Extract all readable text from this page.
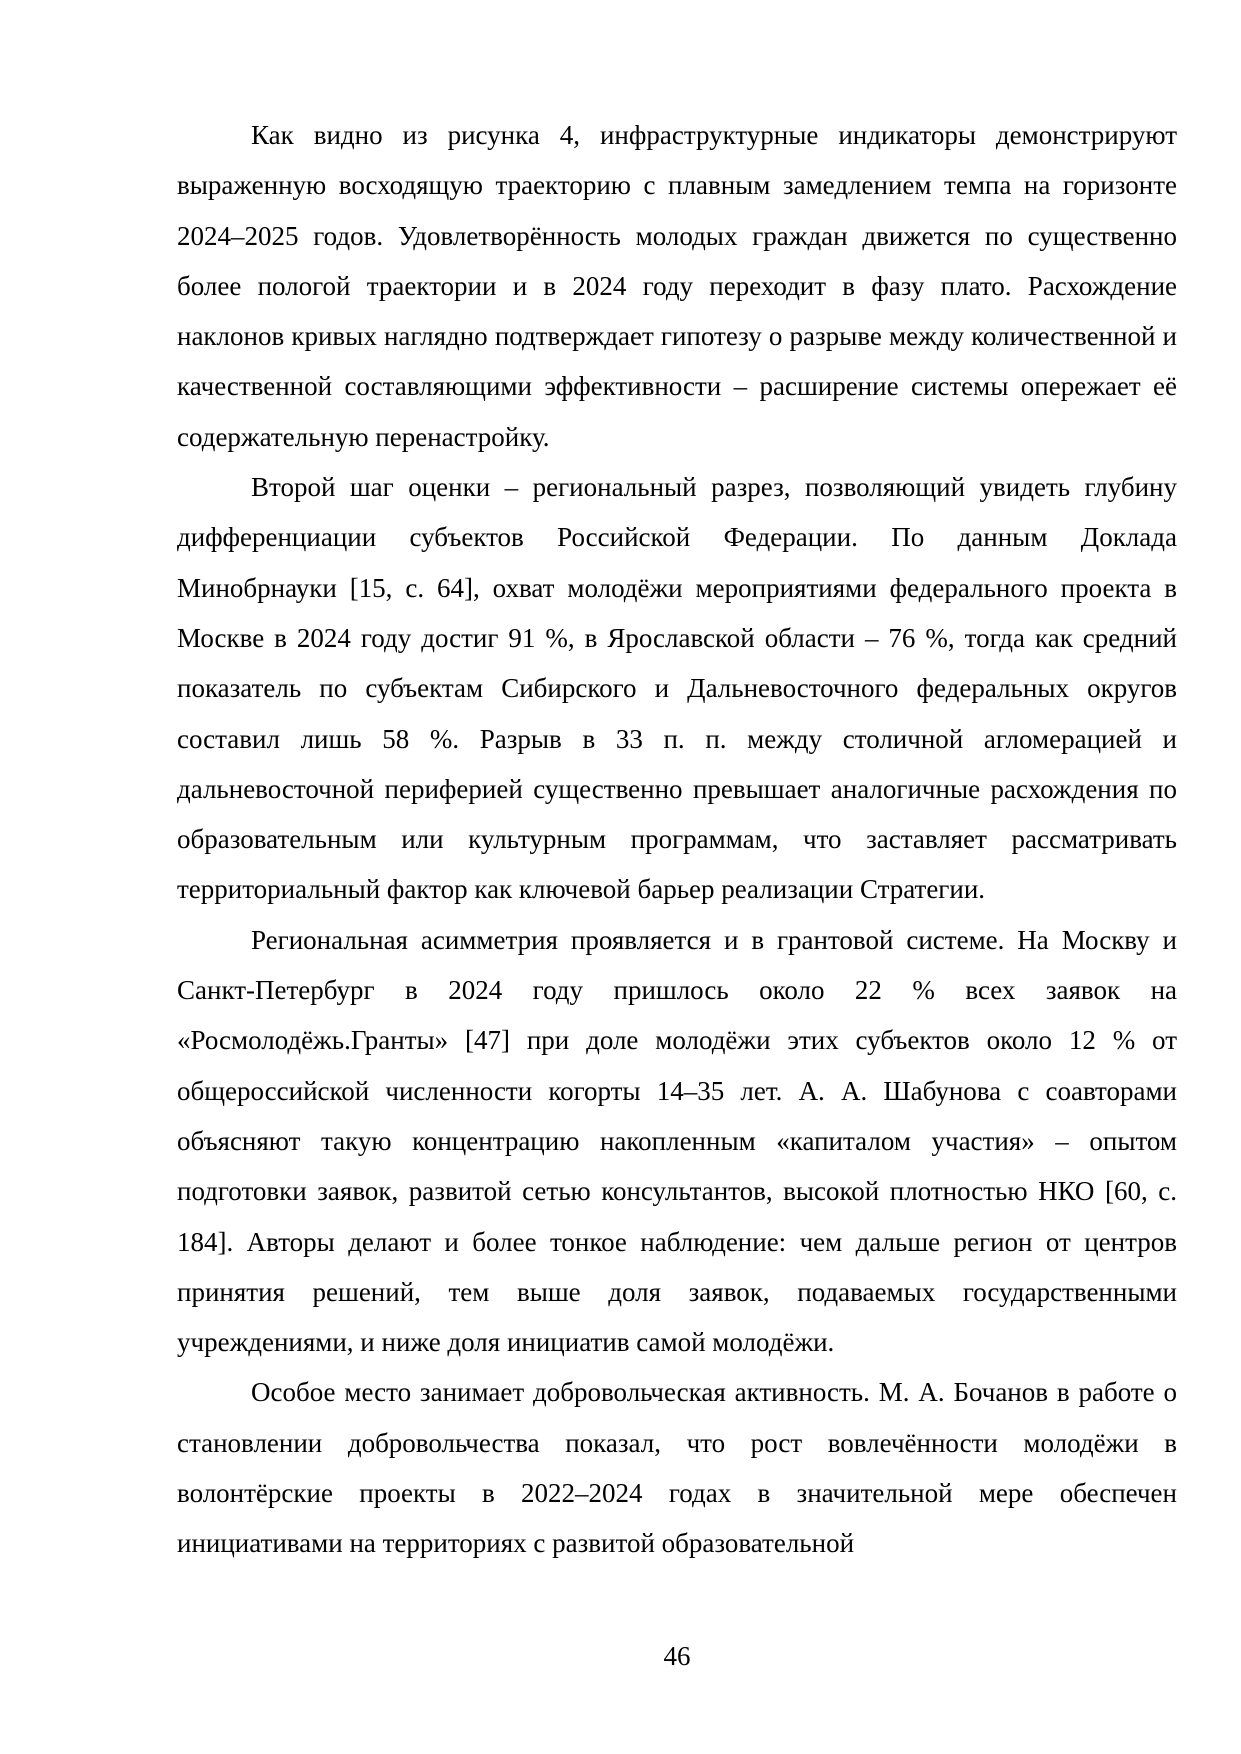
Как видно из рисунка 4, инфраструктурные индикаторы демонстрируют выраженную восходящую траекторию с плавным замедлением темпа на горизонте 2024–2025 годов. Удовлетворённость молодых граждан движется по существенно более пологой траектории и в 2024 году переходит в фазу плато. Расхождение наклонов кривых наглядно подтверждает гипотезу о разрыве между количественной и качественной составляющими эффективности – расширение системы опережает её содержательную перенастройку.

Второй шаг оценки – региональный разрез, позволяющий увидеть глубину дифференциации субъектов Российской Федерации. По данным Доклада Минобрнауки [15, с. 64], охват молодёжи мероприятиями федерального проекта в Москве в 2024 году достиг 91 %, в Ярославской области – 76 %, тогда как средний показатель по субъектам Сибирского и Дальневосточного федеральных округов составил лишь 58 %. Разрыв в 33 п. п. между столичной агломерацией и дальневосточной периферией существенно превышает аналогичные расхождения по образовательным или культурным программам, что заставляет рассматривать территориальный фактор как ключевой барьер реализации Стратегии.

Региональная асимметрия проявляется и в грантовой системе. На Москву и Санкт-Петербург в 2024 году пришлось около 22 % всех заявок на «Росмолодёжь.Гранты» [47] при доле молодёжи этих субъектов около 12 % от общероссийской численности когорты 14–35 лет. А. А. Шабунова с соавторами объясняют такую концентрацию накопленным «капиталом участия» – опытом подготовки заявок, развитой сетью консультантов, высокой плотностью НКО [60, с. 184]. Авторы делают и более тонкое наблюдение: чем дальше регион от центров принятия решений, тем выше доля заявок, подаваемых государственными учреждениями, и ниже доля инициатив самой молодёжи.

Особое место занимает добровольческая активность. М. А. Бочанов в работе о становлении добровольчества показал, что рост вовлечённости молодёжи в волонтёрские проекты в 2022–2024 годах в значительной мере обеспечен инициативами на территориях с развитой образовательной

46
